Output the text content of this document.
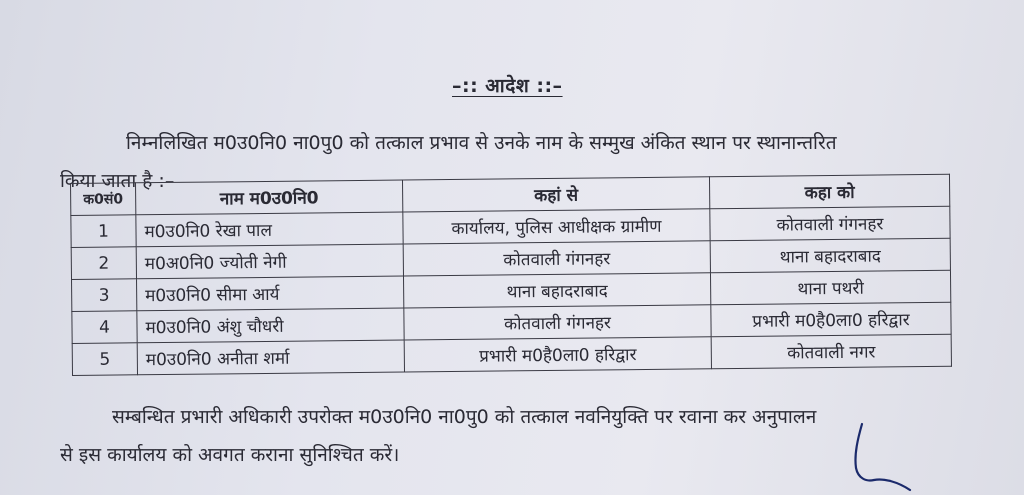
–:: आदेश ::–
निम्नलिखित म0उ0नि0 ना0पु0 को तत्काल प्रभाव से उनके नाम के सम्मुख अंकित स्थान पर स्थानान्तरित
किया जाता है :–
क0सं0	नाम म0उ0नि0	कहां से	कहा को
1	म0उ0नि0 रेखा पाल	कार्यालय, पुलिस आधीक्षक ग्रामीण	कोतवाली गंगनहर
2	म0अ0नि0 ज्योती नेगी	कोतवाली गंगनहर	थाना बहादराबाद
3	म0उ0नि0 सीमा आर्य	थाना बहादराबाद	थाना पथरी
4	म0उ0नि0 अंशु चौधरी	कोतवाली गंगनहर	प्रभारी म0है0ला0 हरिद्वार
5	म0उ0नि0 अनीता शर्मा	प्रभारी म0है0ला0 हरिद्वार	कोतवाली नगर
सम्बन्धित प्रभारी अधिकारी उपरोक्त म0उ0नि0 ना0पु0 को तत्काल नवनियुक्ति पर रवाना कर अनुपालन
से इस कार्यालय को अवगत कराना सुनिश्चित करें।
